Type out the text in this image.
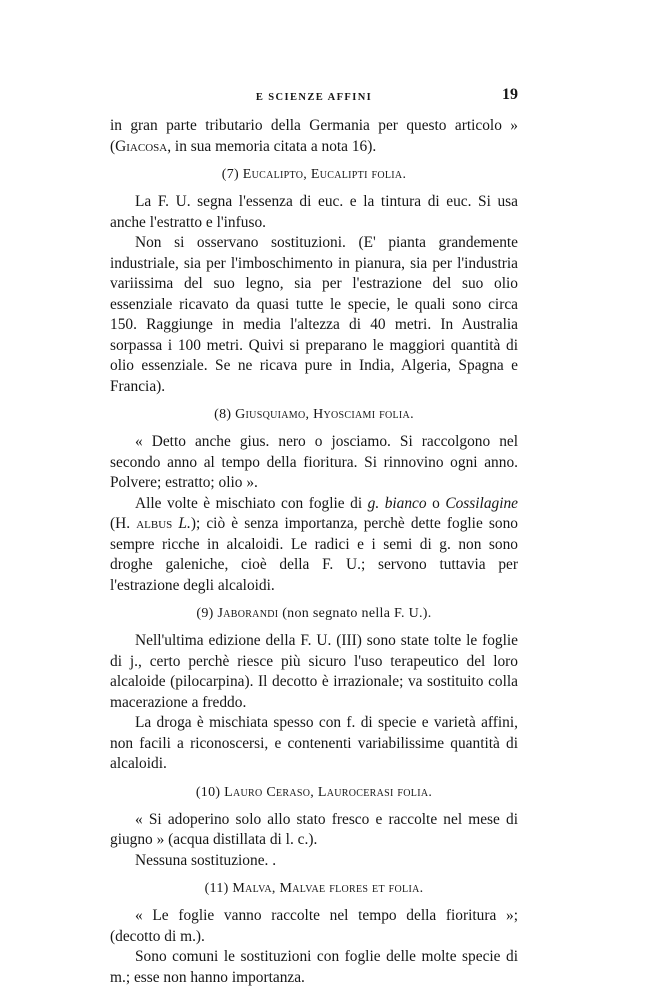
E SCIENZE AFFINI	19

in gran parte tributario della Germania per questo articolo » (Giacosa, in sua memoria citata a nota 16).

(7) Eucalipto, Eucalipti folia.

La F. U. segna l'essenza di euc. e la tintura di euc. Si usa anche l'estratto e l'infuso.

Non si osservano sostituzioni. (E' pianta grandemente industriale, sia per l'imboschimento in pianura, sia per l'industria variissima del suo legno, sia per l'estrazione del suo olio essenziale ricavato da quasi tutte le specie, le quali sono circa 150. Raggiunge in media l'altezza di 40 metri. In Australia sorpassa i 100 metri. Quivi si preparano le maggiori quantità di olio essenziale. Se ne ricava pure in India, Algeria, Spagna e Francia).

(8) Giusquiamo, Hyosciami folia.

« Detto anche gius. nero o josciamo. Si raccolgono nel secondo anno al tempo della fioritura. Si rinnovino ogni anno. Polvere; estratto; olio ».

Alle volte è mischiato con foglie di g. bianco o Cossilagine (H. albus L.); ciò è senza importanza, perchè dette foglie sono sempre ricche in alcaloidi. Le radici e i semi di g. non sono droghe galeniche, cioè della F. U.; servono tuttavia per l'estrazione degli alcaloidi.

(9) Jaborandi (non segnato nella F. U.).

Nell'ultima edizione della F. U. (III) sono state tolte le foglie di j., certo perchè riesce più sicuro l'uso terapeutico del loro alcaloide (pilocarpina). Il decotto è irrazionale; va sostituito colla macerazione a freddo.

La droga è mischiata spesso con f. di specie e varietà affini, non facili a riconoscersi, e contenenti variabilissime quantità di alcaloidi.

(10) Lauro Ceraso, Laurocerasi folia.

« Si adoperino solo allo stato fresco e raccolte nel mese di giugno » (acqua distillata di l. c.).

Nessuna sostituzione. .

(11) Malva, Malvae flores et folia.

« Le foglie vanno raccolte nel tempo della fioritura »; (decotto di m.).

Sono comuni le sostituzioni con foglie delle molte specie di m.; esse non hanno importanza.
